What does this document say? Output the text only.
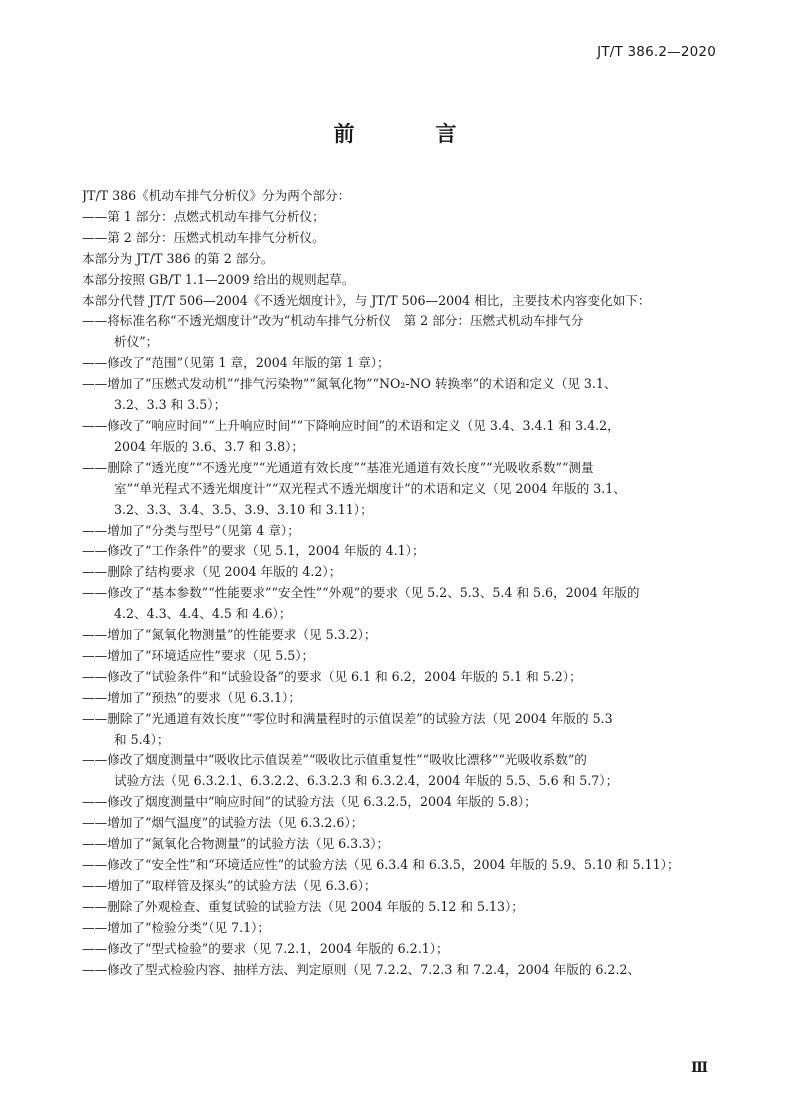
JT/T 386.2—2020
前　言

JT/T 386《机动车排气分析仪》分为两个部分：

——第 1 部分：点燃式机动车排气分析仪；

——第 2 部分：压燃式机动车排气分析仪。

本部分为 JT/T 386 的第 2 部分。

本部分按照 GB/T 1.1—2009 给出的规则起草。

本部分代替 JT/T 506—2004《不透光烟度计》，与 JT/T 506—2004 相比，主要技术内容变化如下：

——将标准名称“不透光烟度计”改为“机动车排气分析仪　第 2 部分：压燃式机动车排气分

析仪”；

——修改了“范围”（见第 1 章，2004 年版的第 1 章）；

——增加了“压燃式发动机”“排气污染物”“氮氧化物”“NO₂-NO 转换率”的术语和定义（见 3.1、

3.2、3.3 和 3.5）；

——修改了“响应时间”“上升响应时间”“下降响应时间”的术语和定义（见 3.4、3.4.1 和 3.4.2，

2004 年版的 3.6、3.7 和 3.8）；

——删除了“透光度”“不透光度”“光通道有效长度”“基准光通道有效长度”“光吸收系数”“测量

室”“单光程式不透光烟度计”“双光程式不透光烟度计”的术语和定义（见 2004 年版的 3.1、

3.2、3.3、3.4、3.5、3.9、3.10 和 3.11）；

——增加了“分类与型号”（见第 4 章）；

——修改了“工作条件”的要求（见 5.1，2004 年版的 4.1）；

——删除了结构要求（见 2004 年版的 4.2）；

——修改了“基本参数”“性能要求”“安全性”“外观”的要求（见 5.2、5.3、5.4 和 5.6，2004 年版的

4.2、4.3、4.4、4.5 和 4.6）；

——增加了“氮氧化物测量”的性能要求（见 5.3.2）；

——增加了“环境适应性”要求（见 5.5）；

——修改了“试验条件”和“试验设备”的要求（见 6.1 和 6.2，2004 年版的 5.1 和 5.2）；

——增加了“预热”的要求（见 6.3.1）；

——删除了“光通道有效长度”“零位时和满量程时的示值误差”的试验方法（见 2004 年版的 5.3

和 5.4）；

——修改了烟度测量中“吸收比示值误差”“吸收比示值重复性”“吸收比漂移”“光吸收系数”的

试验方法（见 6.3.2.1、6.3.2.2、6.3.2.3 和 6.3.2.4，2004 年版的 5.5、5.6 和 5.7）；

——修改了烟度测量中“响应时间”的试验方法（见 6.3.2.5，2004 年版的 5.8）；

——增加了“烟气温度”的试验方法（见 6.3.2.6）；

——增加了“氮氧化合物测量”的试验方法（见 6.3.3）；

——修改了“安全性”和“环境适应性”的试验方法（见 6.3.4 和 6.3.5，2004 年版的 5.9、5.10 和 5.11）；

——增加了“取样管及探头”的试验方法（见 6.3.6）；

——删除了外观检查、重复试验的试验方法（见 2004 年版的 5.12 和 5.13）；

——增加了“检验分类”（见 7.1）；

——修改了“型式检验”的要求（见 7.2.1，2004 年版的 6.2.1）；

——修改了型式检验内容、抽样方法、判定原则（见 7.2.2、7.2.3 和 7.2.4，2004 年版的 6.2.2、

Ⅲ
